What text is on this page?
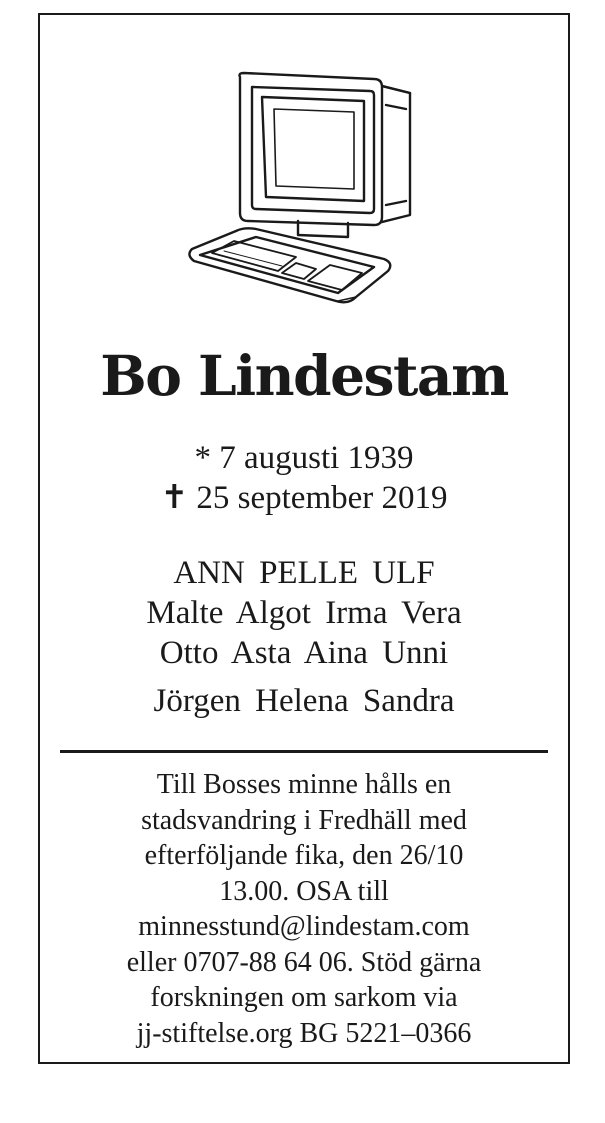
Bo Lindestam
* 7 augusti 1939
✝ 25 september 2019
ANN PELLE ULF
Malte Algot Irma Vera
Otto Asta Aina Unni
Jörgen Helena Sandra
Till Bosses minne hålls en
stadsvandring i Fredhäll med
efterföljande fika, den 26/10
13.00. OSA till
minnesstund@lindestam.com
eller 0707-88 64 06. Stöd gärna
forskningen om sarkom via
jj-stiftelse.org BG 5221–0366
